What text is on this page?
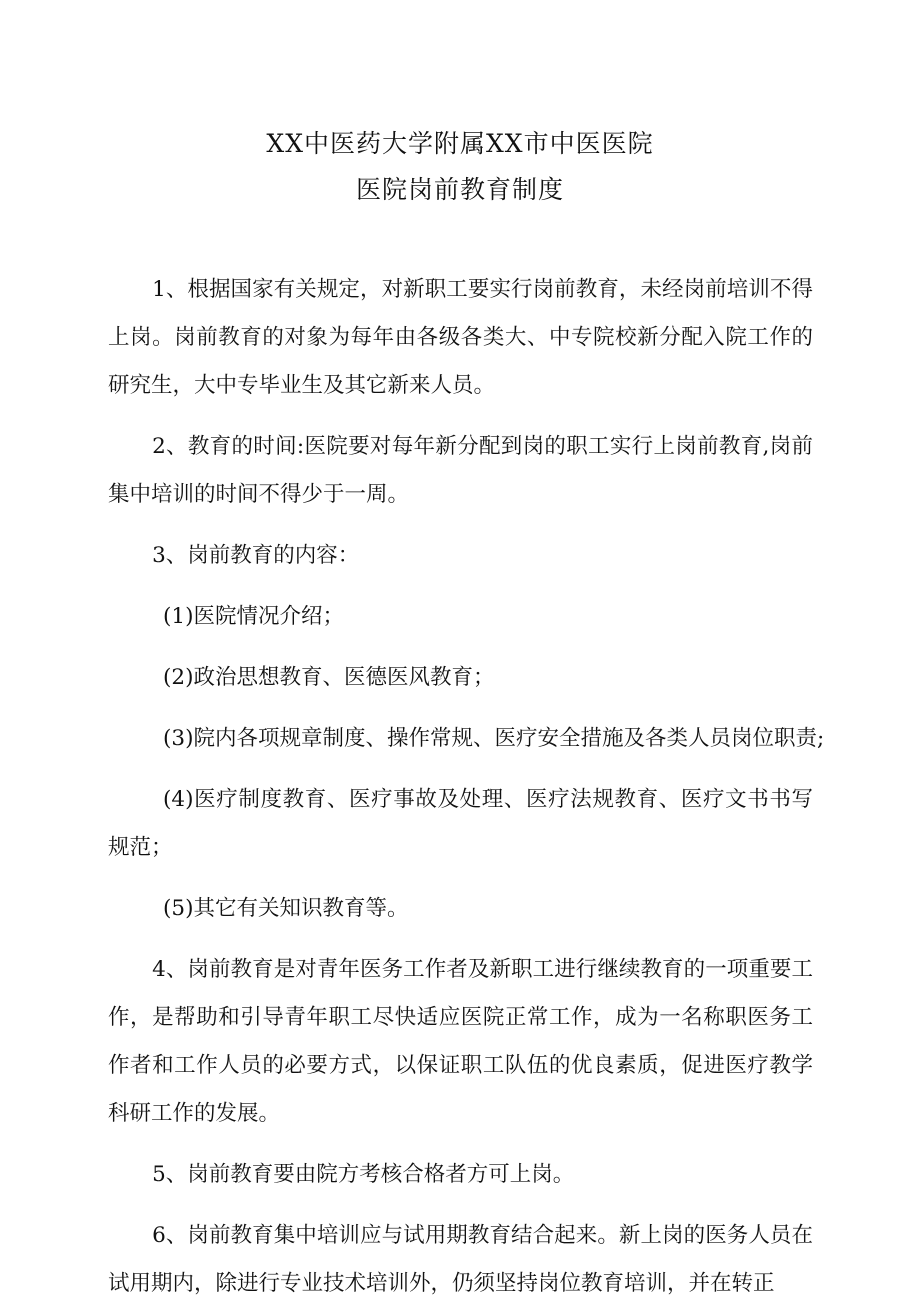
XX中医药大学附属XX市中医医院
医院岗前教育制度

1、根据国家有关规定，对新职工要实行岗前教育，未经岗前培训不得上岗。岗前教育的对象为每年由各级各类大、中专院校新分配入院工作的研究生，大中专毕业生及其它新来人员。

2、教育的时间:医院要对每年新分配到岗的职工实行上岗前教育,岗前集中培训的时间不得少于一周。

3、岗前教育的内容：

(1)医院情况介绍；

(2)政治思想教育、医德医风教育；

(3)院内各项规章制度、操作常规、医疗安全措施及各类人员岗位职责;

(4)医疗制度教育、医疗事故及处理、医疗法规教育、医疗文书书写规范；

(5)其它有关知识教育等。

4、岗前教育是对青年医务工作者及新职工进行继续教育的一项重要工作，是帮助和引导青年职工尽快适应医院正常工作，成为一名称职医务工作者和工作人员的必要方式，以保证职工队伍的优良素质，促进医疗教学科研工作的发展。

5、岗前教育要由院方考核合格者方可上岗。

6、岗前教育集中培训应与试用期教育结合起来。新上岗的医务人员在试用期内，除进行专业技术培训外，仍须坚持岗位教育培训，并在转正
